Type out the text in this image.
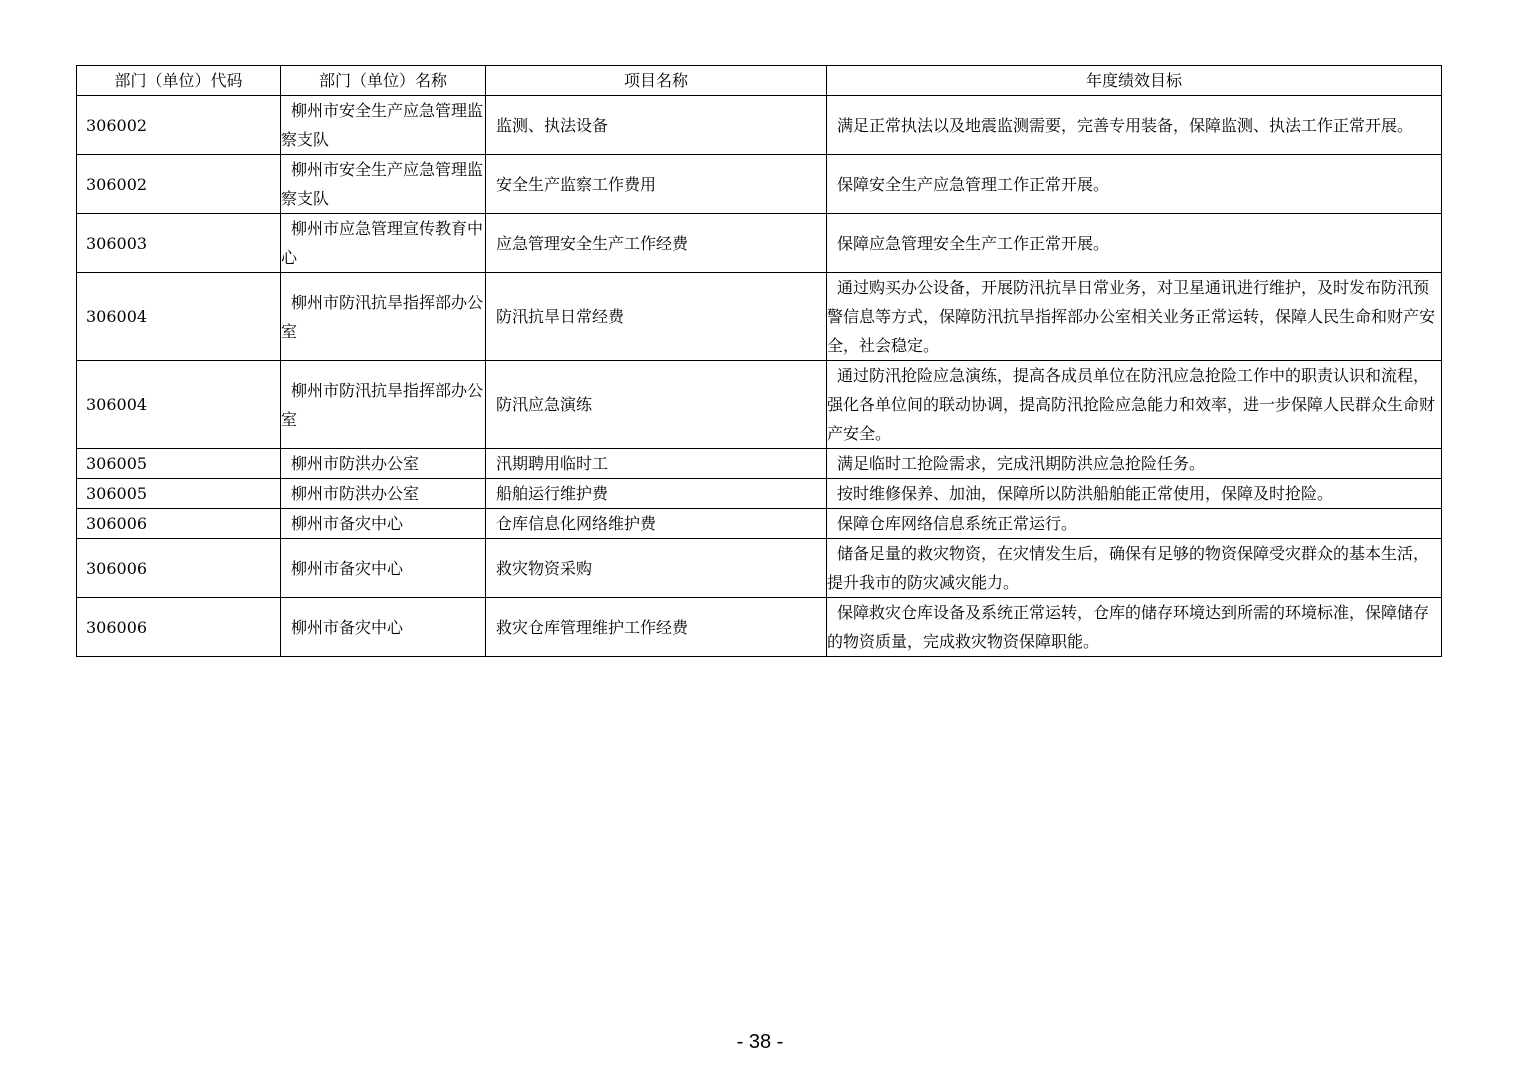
部门（单位）代码	部门（单位）名称	项目名称	年度绩效目标
306002	柳州市安全生产应急管理监察支队	监测、执法设备	满足正常执法以及地震监测需要，完善专用装备，保障监测、执法工作正常开展。
306002	柳州市安全生产应急管理监察支队	安全生产监察工作费用	保障安全生产应急管理工作正常开展。
306003	柳州市应急管理宣传教育中心	应急管理安全生产工作经费	保障应急管理安全生产工作正常开展。
306004	柳州市防汛抗旱指挥部办公室	防汛抗旱日常经费	通过购买办公设备，开展防汛抗旱日常业务，对卫星通讯进行维护，及时发布防汛预警信息等方式，保障防汛抗旱指挥部办公室相关业务正常运转，保障人民生命和财产安全，社会稳定。
306004	柳州市防汛抗旱指挥部办公室	防汛应急演练	通过防汛抢险应急演练，提高各成员单位在防汛应急抢险工作中的职责认识和流程，强化各单位间的联动协调，提高防汛抢险应急能力和效率，进一步保障人民群众生命财产安全。
306005	柳州市防洪办公室	汛期聘用临时工	满足临时工抢险需求，完成汛期防洪应急抢险任务。
306005	柳州市防洪办公室	船舶运行维护费	按时维修保养、加油，保障所以防洪船舶能正常使用，保障及时抢险。
306006	柳州市备灾中心	仓库信息化网络维护费	保障仓库网络信息系统正常运行。
306006	柳州市备灾中心	救灾物资采购	储备足量的救灾物资，在灾情发生后，确保有足够的物资保障受灾群众的基本生活，提升我市的防灾减灾能力。
306006	柳州市备灾中心	救灾仓库管理维护工作经费	保障救灾仓库设备及系统正常运转，仓库的储存环境达到所需的环境标准，保障储存的物资质量，完成救灾物资保障职能。
- 38 -
